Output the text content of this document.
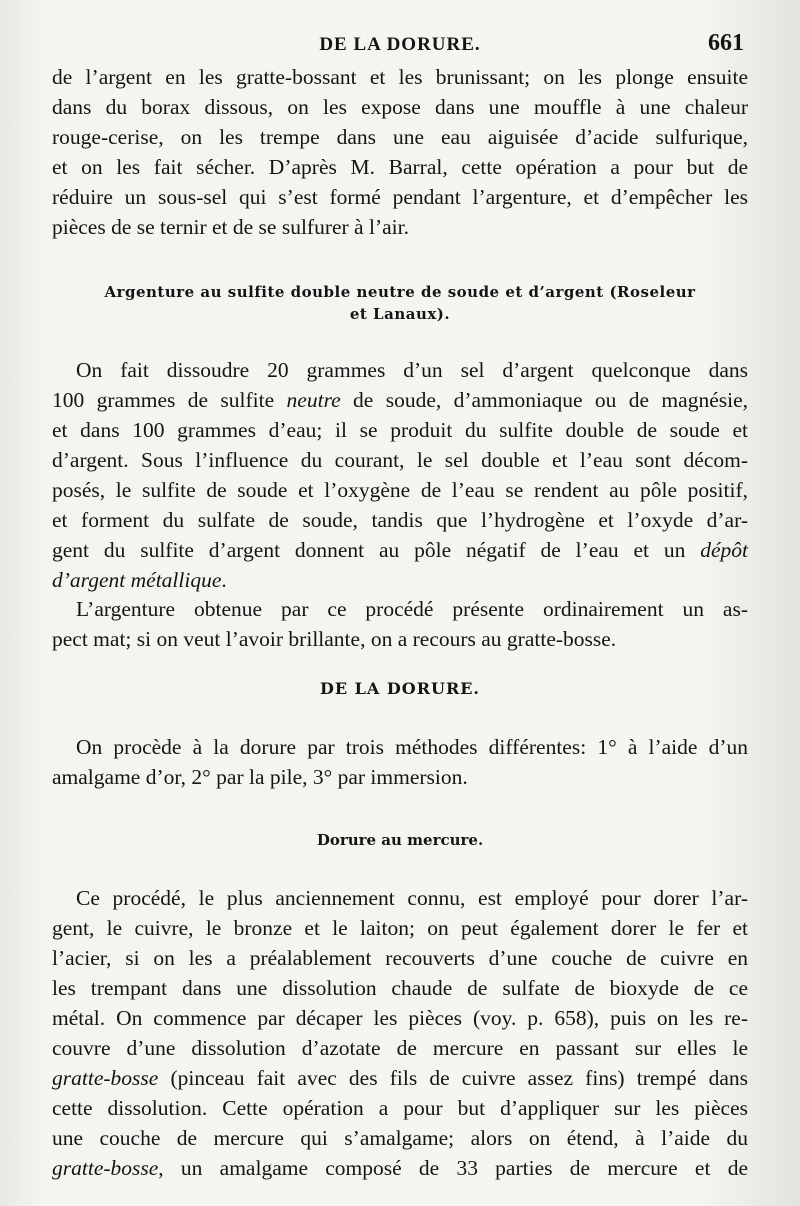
DE LA DORURE.	661
de l’argent en les gratte-bossant et les brunissant; on les plonge ensuite
dans du borax dissous, on les expose dans une mouffle à une chaleur
rouge-cerise, on les trempe dans une eau aiguisée d’acide sulfurique,
et on les fait sécher. D’après M. Barral, cette opération a pour but de
réduire un sous-sel qui s’est formé pendant l’argenture, et d’empêcher les
pièces de se ternir et de se sulfurer à l’air.
Argenture au sulfite double neutre de soude et d’argent (Roseleur
et Lanaux).
On fait dissoudre 20 grammes d’un sel d’argent quelconque dans
100 grammes de sulfite neutre de soude, d’ammoniaque ou de magnésie,
et dans 100 grammes d’eau; il se produit du sulfite double de soude et
d’argent. Sous l’influence du courant, le sel double et l’eau sont décom-
posés, le sulfite de soude et l’oxygène de l’eau se rendent au pôle positif,
et forment du sulfate de soude, tandis que l’hydrogène et l’oxyde d’ar-
gent du sulfite d’argent donnent au pôle négatif de l’eau et un dépôt
d’argent métallique.
L’argenture obtenue par ce procédé présente ordinairement un as-
pect mat; si on veut l’avoir brillante, on a recours au gratte-bosse.
DE LA DORURE.
On procède à la dorure par trois méthodes différentes: 1° à l’aide d’un
amalgame d’or, 2° par la pile, 3° par immersion.
Dorure au mercure.
Ce procédé, le plus anciennement connu, est employé pour dorer l’ar-
gent, le cuivre, le bronze et le laiton; on peut également dorer le fer et
l’acier, si on les a préalablement recouverts d’une couche de cuivre en
les trempant dans une dissolution chaude de sulfate de bioxyde de ce
métal. On commence par décaper les pièces (voy. p. 658), puis on les re-
couvre d’une dissolution d’azotate de mercure en passant sur elles le
gratte-bosse (pinceau fait avec des fils de cuivre assez fins) trempé dans
cette dissolution. Cette opération a pour but d’appliquer sur les pièces
une couche de mercure qui s’amalgame; alors on étend, à l’aide du
gratte-bosse, un amalgame composé de 33 parties de mercure et de
